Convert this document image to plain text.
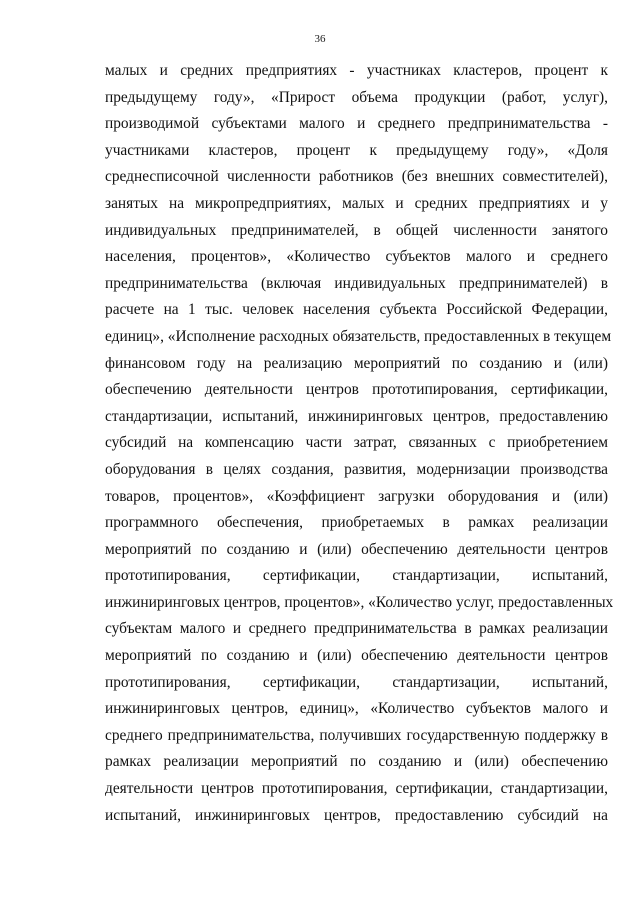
36
малых и средних предприятиях - участниках кластеров, процент к
предыдущему году», «Прирост объема продукции (работ, услуг),
производимой субъектами малого и среднего предпринимательства -
участниками кластеров, процент к предыдущему году», «Доля
среднесписочной численности работников (без внешних совместителей),
занятых на микропредприятиях, малых и средних предприятиях и у
индивидуальных предпринимателей, в общей численности занятого
населения, процентов», «Количество субъектов малого и среднего
предпринимательства (включая индивидуальных предпринимателей) в
расчете на 1 тыс. человек населения субъекта Российской Федерации,
единиц», «Исполнение расходных обязательств, предоставленных в текущем
финансовом году на реализацию мероприятий по созданию и (или)
обеспечению деятельности центров прототипирования, сертификации,
стандартизации, испытаний, инжиниринговых центров, предоставлению
субсидий на компенсацию части затрат, связанных с приобретением
оборудования в целях создания, развития, модернизации производства
товаров, процентов», «Коэффициент загрузки оборудования и (или)
программного обеспечения, приобретаемых в рамках реализации
мероприятий по созданию и (или) обеспечению деятельности центров
прототипирования, сертификации, стандартизации, испытаний,
инжиниринговых центров, процентов», «Количество услуг, предоставленных
субъектам малого и среднего предпринимательства в рамках реализации
мероприятий по созданию и (или) обеспечению деятельности центров
прототипирования, сертификации, стандартизации, испытаний,
инжиниринговых центров, единиц», «Количество субъектов малого и
среднего предпринимательства, получивших государственную поддержку в
рамках реализации мероприятий по созданию и (или) обеспечению
деятельности центров прототипирования, сертификации, стандартизации,
испытаний, инжиниринговых центров, предоставлению субсидий на
